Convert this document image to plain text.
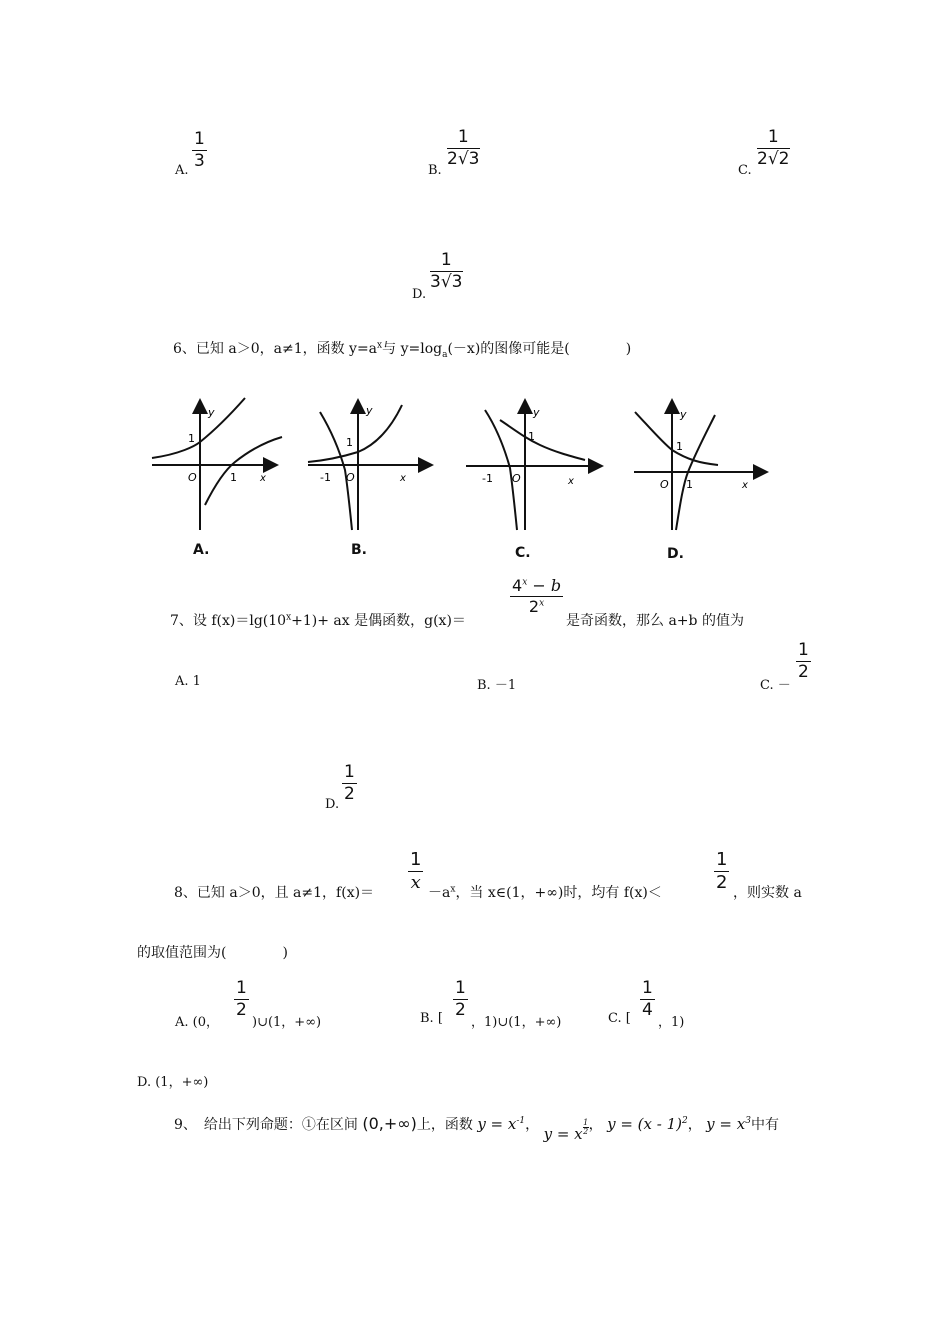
A.
1
3	B.
1
2√3
C.
1
2√2
D.
1
3√3
6、已知 a＞0，a≠1，函数 $y=a^x$与 $y=\log_a(-x)$的图像可能是(　　　　)
y
1
O	1 x
y
1
-1 O	x
y
1
-1 O	x
y
1
O 1	x
A.	B.	C.	D.
7、设 $f(x)=\lg(10^x+1)+$ ax 是偶函数，g(x)＝
$4^x - b$
2$^x$
是奇函数，那么 a+b 的值为
A. 1	B. －1	C. －
1
2
D.
1
2
8、已知 a＞0，且 a≠1，f(x)＝
1
$x -a^x$，当 x∈(1，+∞)时，均有 f(x)＜
1
2 ，则实数 a
的取值范围为(　　　　)
A. (0，
1
2
)∪(1，+∞)	B. [
1
2
，1)∪(1，+∞)	C. [
1
4
，1)
D. (1，+∞)
9、　给出下列命题：①在区间 (0,+∞)上，函数 $y = x^{-1}$， y = x $\frac{1}{2}$ ， y = (x - 1)$^2$， $y = x^3$中有
